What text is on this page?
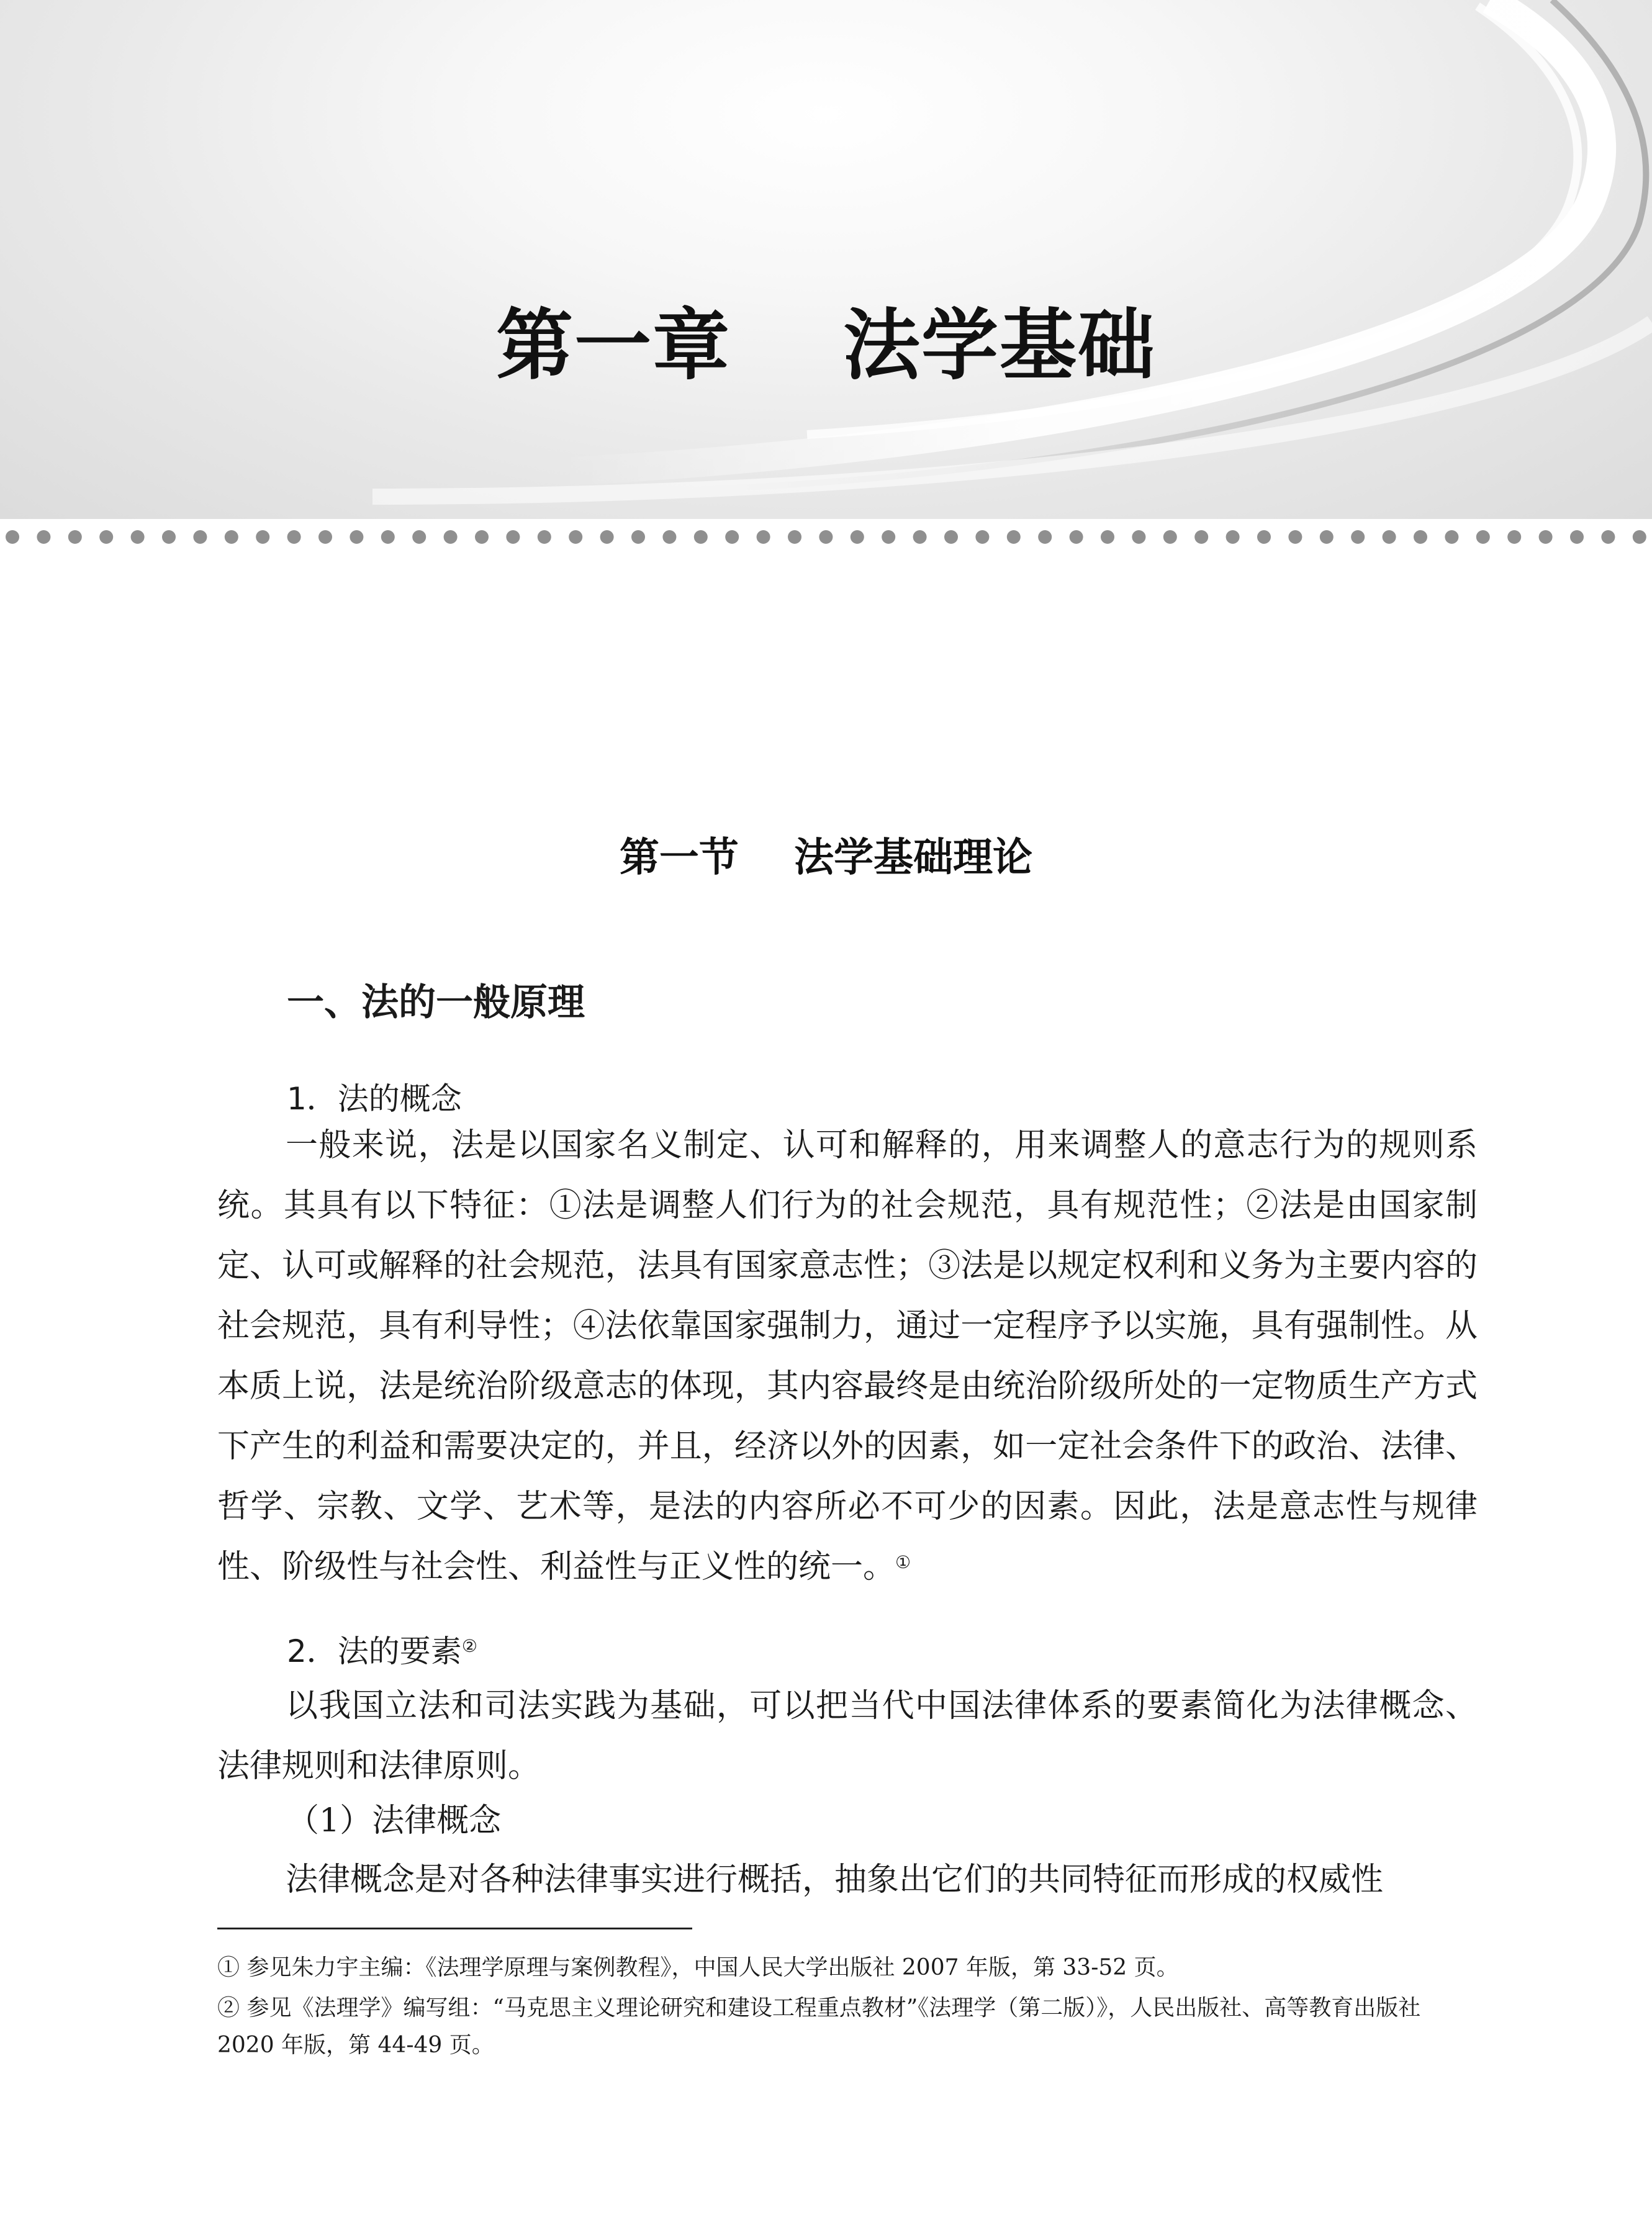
第一章    法学基础
第一节    法学基础理论
一、法的一般原理
1．法的概念
一般来说，法是以国家名义制定、认可和解释的，用来调整人的意志行为的规则系统。其具有以下特征：①法是调整人们行为的社会规范，具有规范性；②法是由国家制定、认可或解释的社会规范，法具有国家意志性；③法是以规定权利和义务为主要内容的社会规范，具有利导性；④法依靠国家强制力，通过一定程序予以实施，具有强制性。从本质上说，法是统治阶级意志的体现，其内容最终是由统治阶级所处的一定物质生产方式下产生的利益和需要决定的，并且，经济以外的因素，如一定社会条件下的政治、法律、哲学、宗教、文学、艺术等，是法的内容所必不可少的因素。因此，法是意志性与规律性、阶级性与社会性、利益性与正义性的统一。①
2．法的要素②
以我国立法和司法实践为基础，可以把当代中国法律体系的要素简化为法律概念、法律规则和法律原则。
（1）法律概念
法律概念是对各种法律事实进行概括，抽象出它们的共同特征而形成的权威性
① 参见朱力宇主编：《法理学原理与案例教程》，中国人民大学出版社 2007 年版，第 33-52 页。
② 参见《法理学》编写组：“马克思主义理论研究和建设工程重点教材”《法理学（第二版）》，人民出版社、高等教育出版社 2020 年版，第 44-49 页。
